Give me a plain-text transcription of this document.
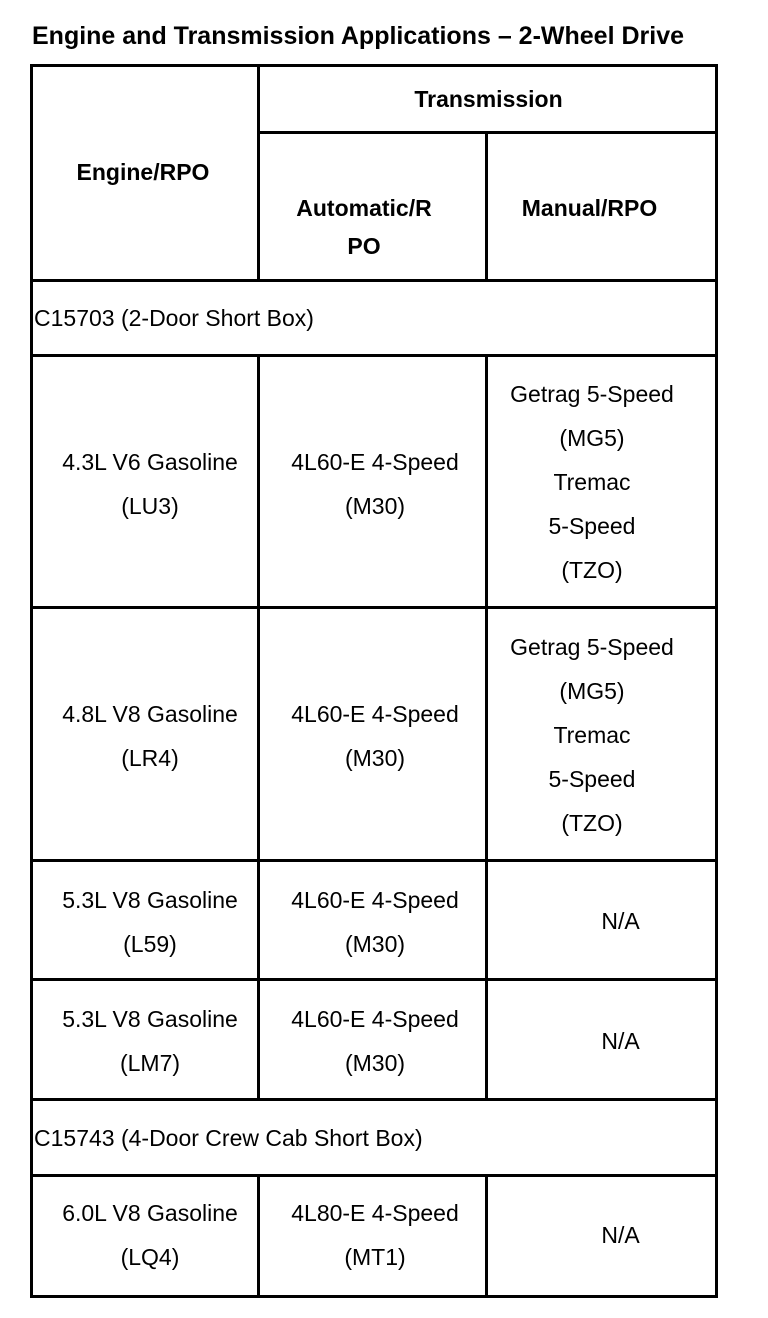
Engine and Transmission Applications – 2-Wheel Drive
Engine/RPO
Transmission
Automatic/R
PO
Manual/RPO
C15703 (2-Door Short Box)
4.3L V6 Gasoline
(LU3)
4L60-E 4-Speed
(M30)
Getrag 5-Speed
(MG5)
Tremac
5-Speed
(TZO)
4.8L V8 Gasoline
(LR4)
4L60-E 4-Speed
(M30)
Getrag 5-Speed
(MG5)
Tremac
5-Speed
(TZO)
5.3L V8 Gasoline
(L59)
4L60-E 4-Speed
(M30)
N/A
5.3L V8 Gasoline
(LM7)
4L60-E 4-Speed
(M30)
N/A
C15743 (4-Door Crew Cab Short Box)
6.0L V8 Gasoline
(LQ4)
4L80-E 4-Speed
(MT1)
N/A
